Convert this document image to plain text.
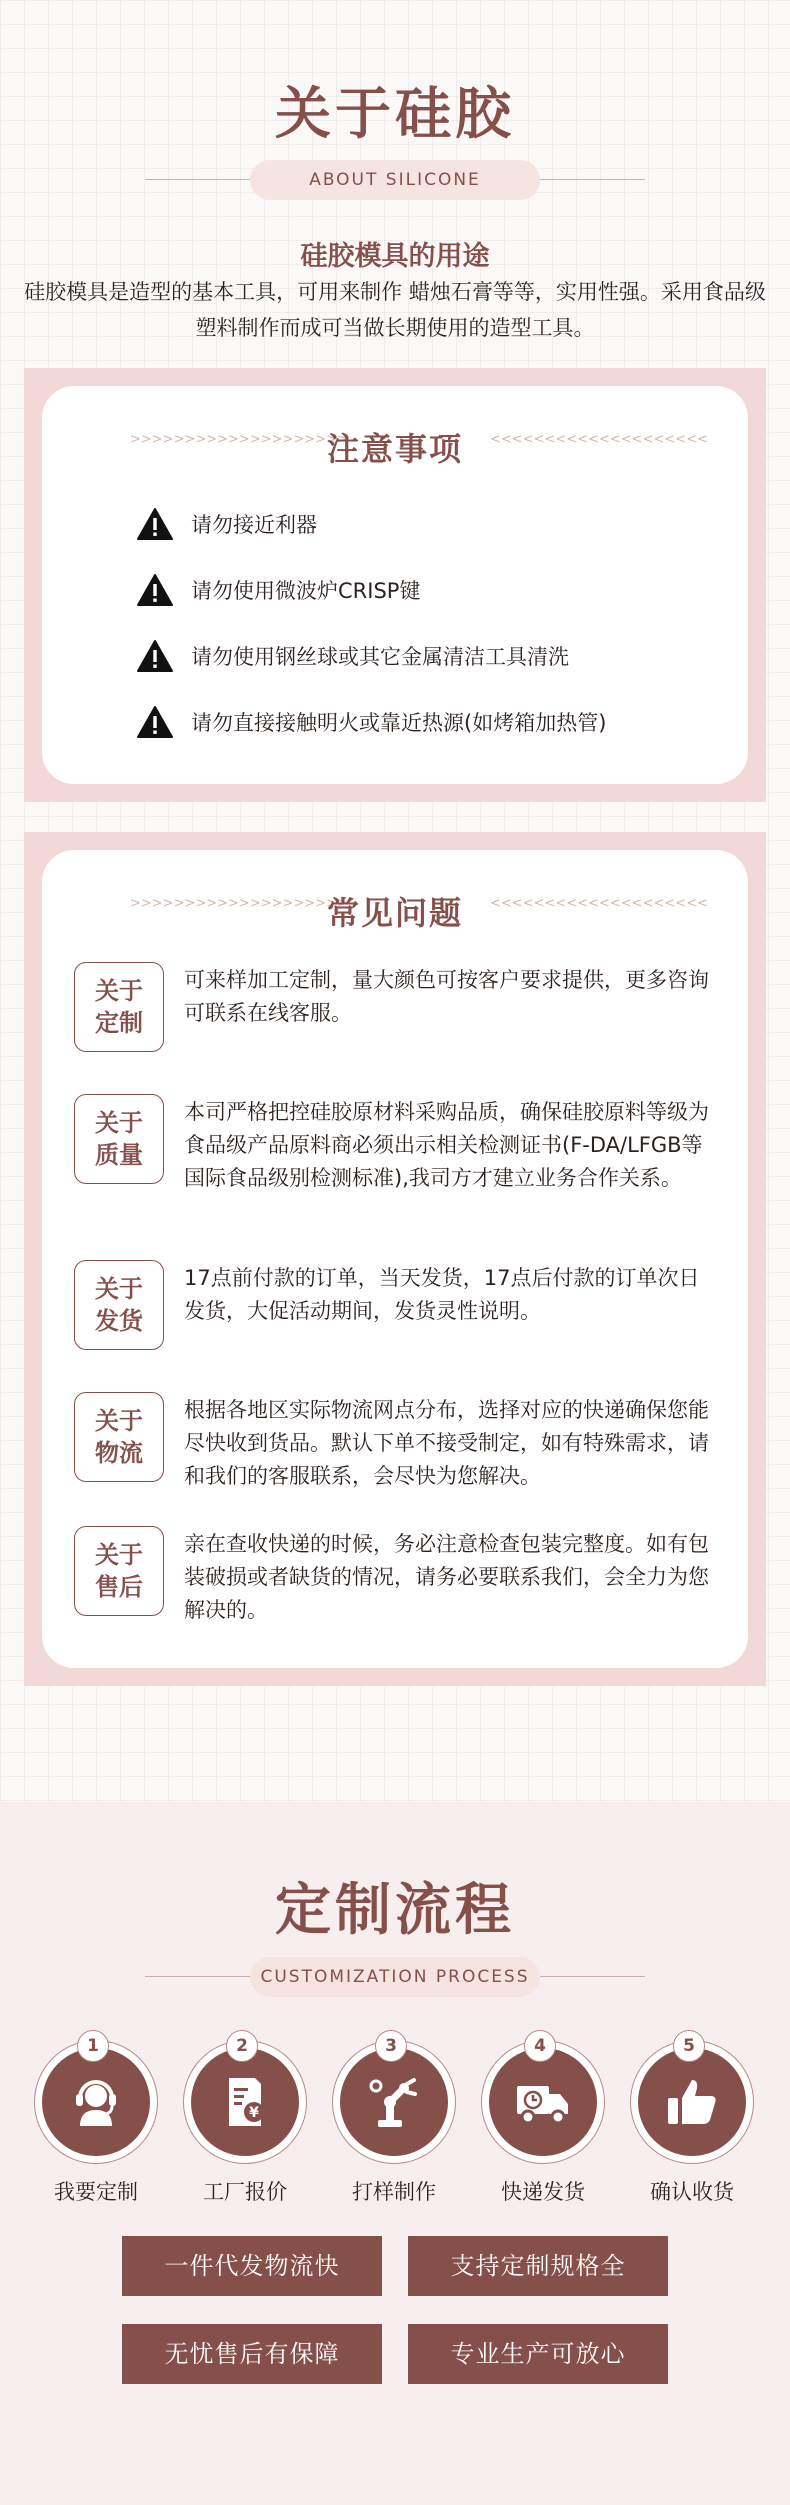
关于硅胶
ABOUT SILICONE
硅胶模具的用途
硅胶模具是造型的基本工具，可用来制作 蜡烛石膏等等，实用性强。采用食品级塑料制作而成可当做长期使用的造型工具。
>>>>>>>>>>>>>>>>>>>>
注意事项	<<<<<<<<<<<<<<<<<<<<
请勿接近利器
请勿使用微波炉CRISP键
请勿使用钢丝球或其它金属清洁工具清洗
请勿直接接触明火或靠近热源(如烤箱加热管)
>>>>>>>>>>>>>>>>>>>>
常见问题	<<<<<<<<<<<<<<<<<<<<
关于
定制
可来样加工定制，量大颜色可按客户要求提供，更多咨询可联系在线客服。
关于
质量
本司严格把控硅胶原材料采购品质，确保硅胶原料等级为食品级产品原料商必须出示相关检测证书(F-DA/LFGB等国际食品级别检测标准),我司方才建立业务合作关系。
关于
发货
17点前付款的订单，当天发货，17点后付款的订单次日发货，大促活动期间，发货灵性说明。
关于
物流
根据各地区实际物流网点分布，选择对应的快递确保您能尽快收到货品。默认下单不接受制定，如有特殊需求，请和我们的客服联系，会尽快为您解决。
关于
售后
亲在查收快递的时候，务必注意检查包装完整度。如有包装破损或者缺货的情况，请务必要联系我们，会全力为您解决的。
定制流程
CUSTOMIZATION PROCESS
1
我要定制
¥
2
工厂报价
3
打样制作
4
快递发货
5
确认收货
一件代发物流快	支持定制规格全
无忧售后有保障	专业生产可放心
